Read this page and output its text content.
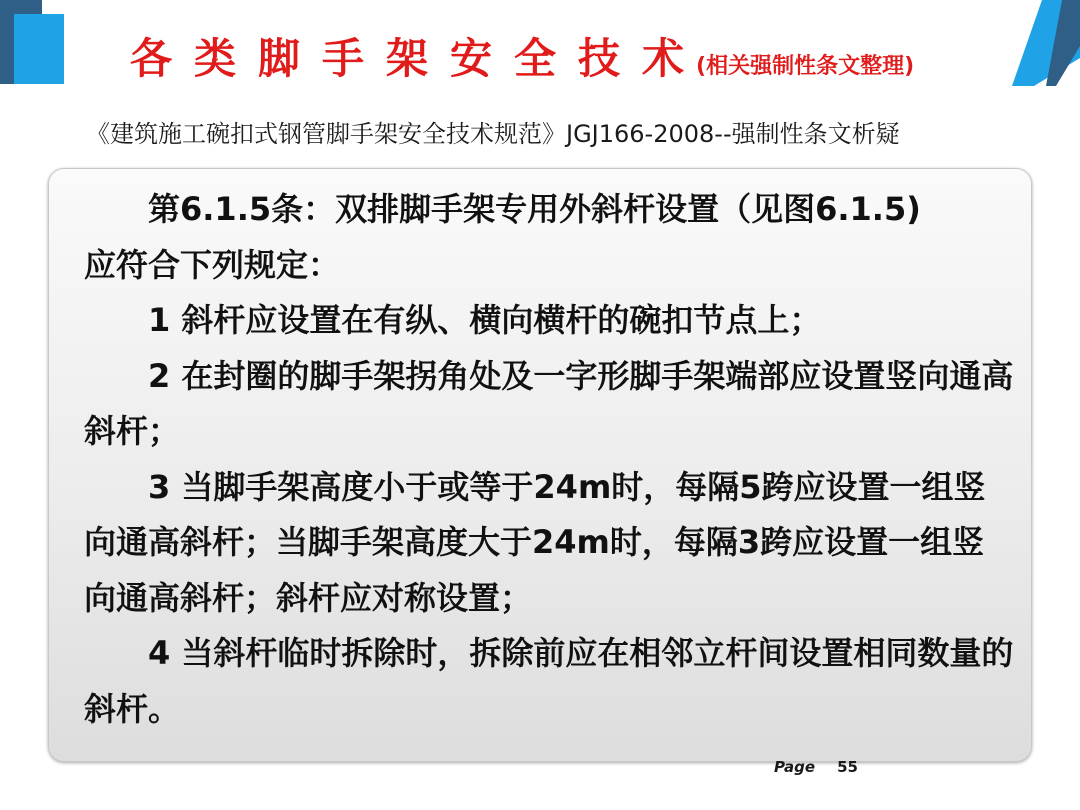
各类脚手架安全技术(相关强制性条文整理)
《建筑施工碗扣式钢管脚手架安全技术规范》JGJ166-2008--强制性条文析疑

第6.1.5条：双排脚手架专用外斜杆设置（见图6.1.5)

应符合下列规定：

1 斜杆应设置在有纵、横向横杆的碗扣节点上；

2 在封圈的脚手架拐角处及一字形脚手架端部应设置竖向通高斜杆；

3 当脚手架高度小于或等于24m时，每隔5跨应设置一组竖向通高斜杆；当脚手架高度大于24m时，每隔3跨应设置一组竖向通高斜杆；斜杆应对称设置；

4 当斜杆临时拆除时，拆除前应在相邻立杆间设置相同数量的斜杆。

Page 55
